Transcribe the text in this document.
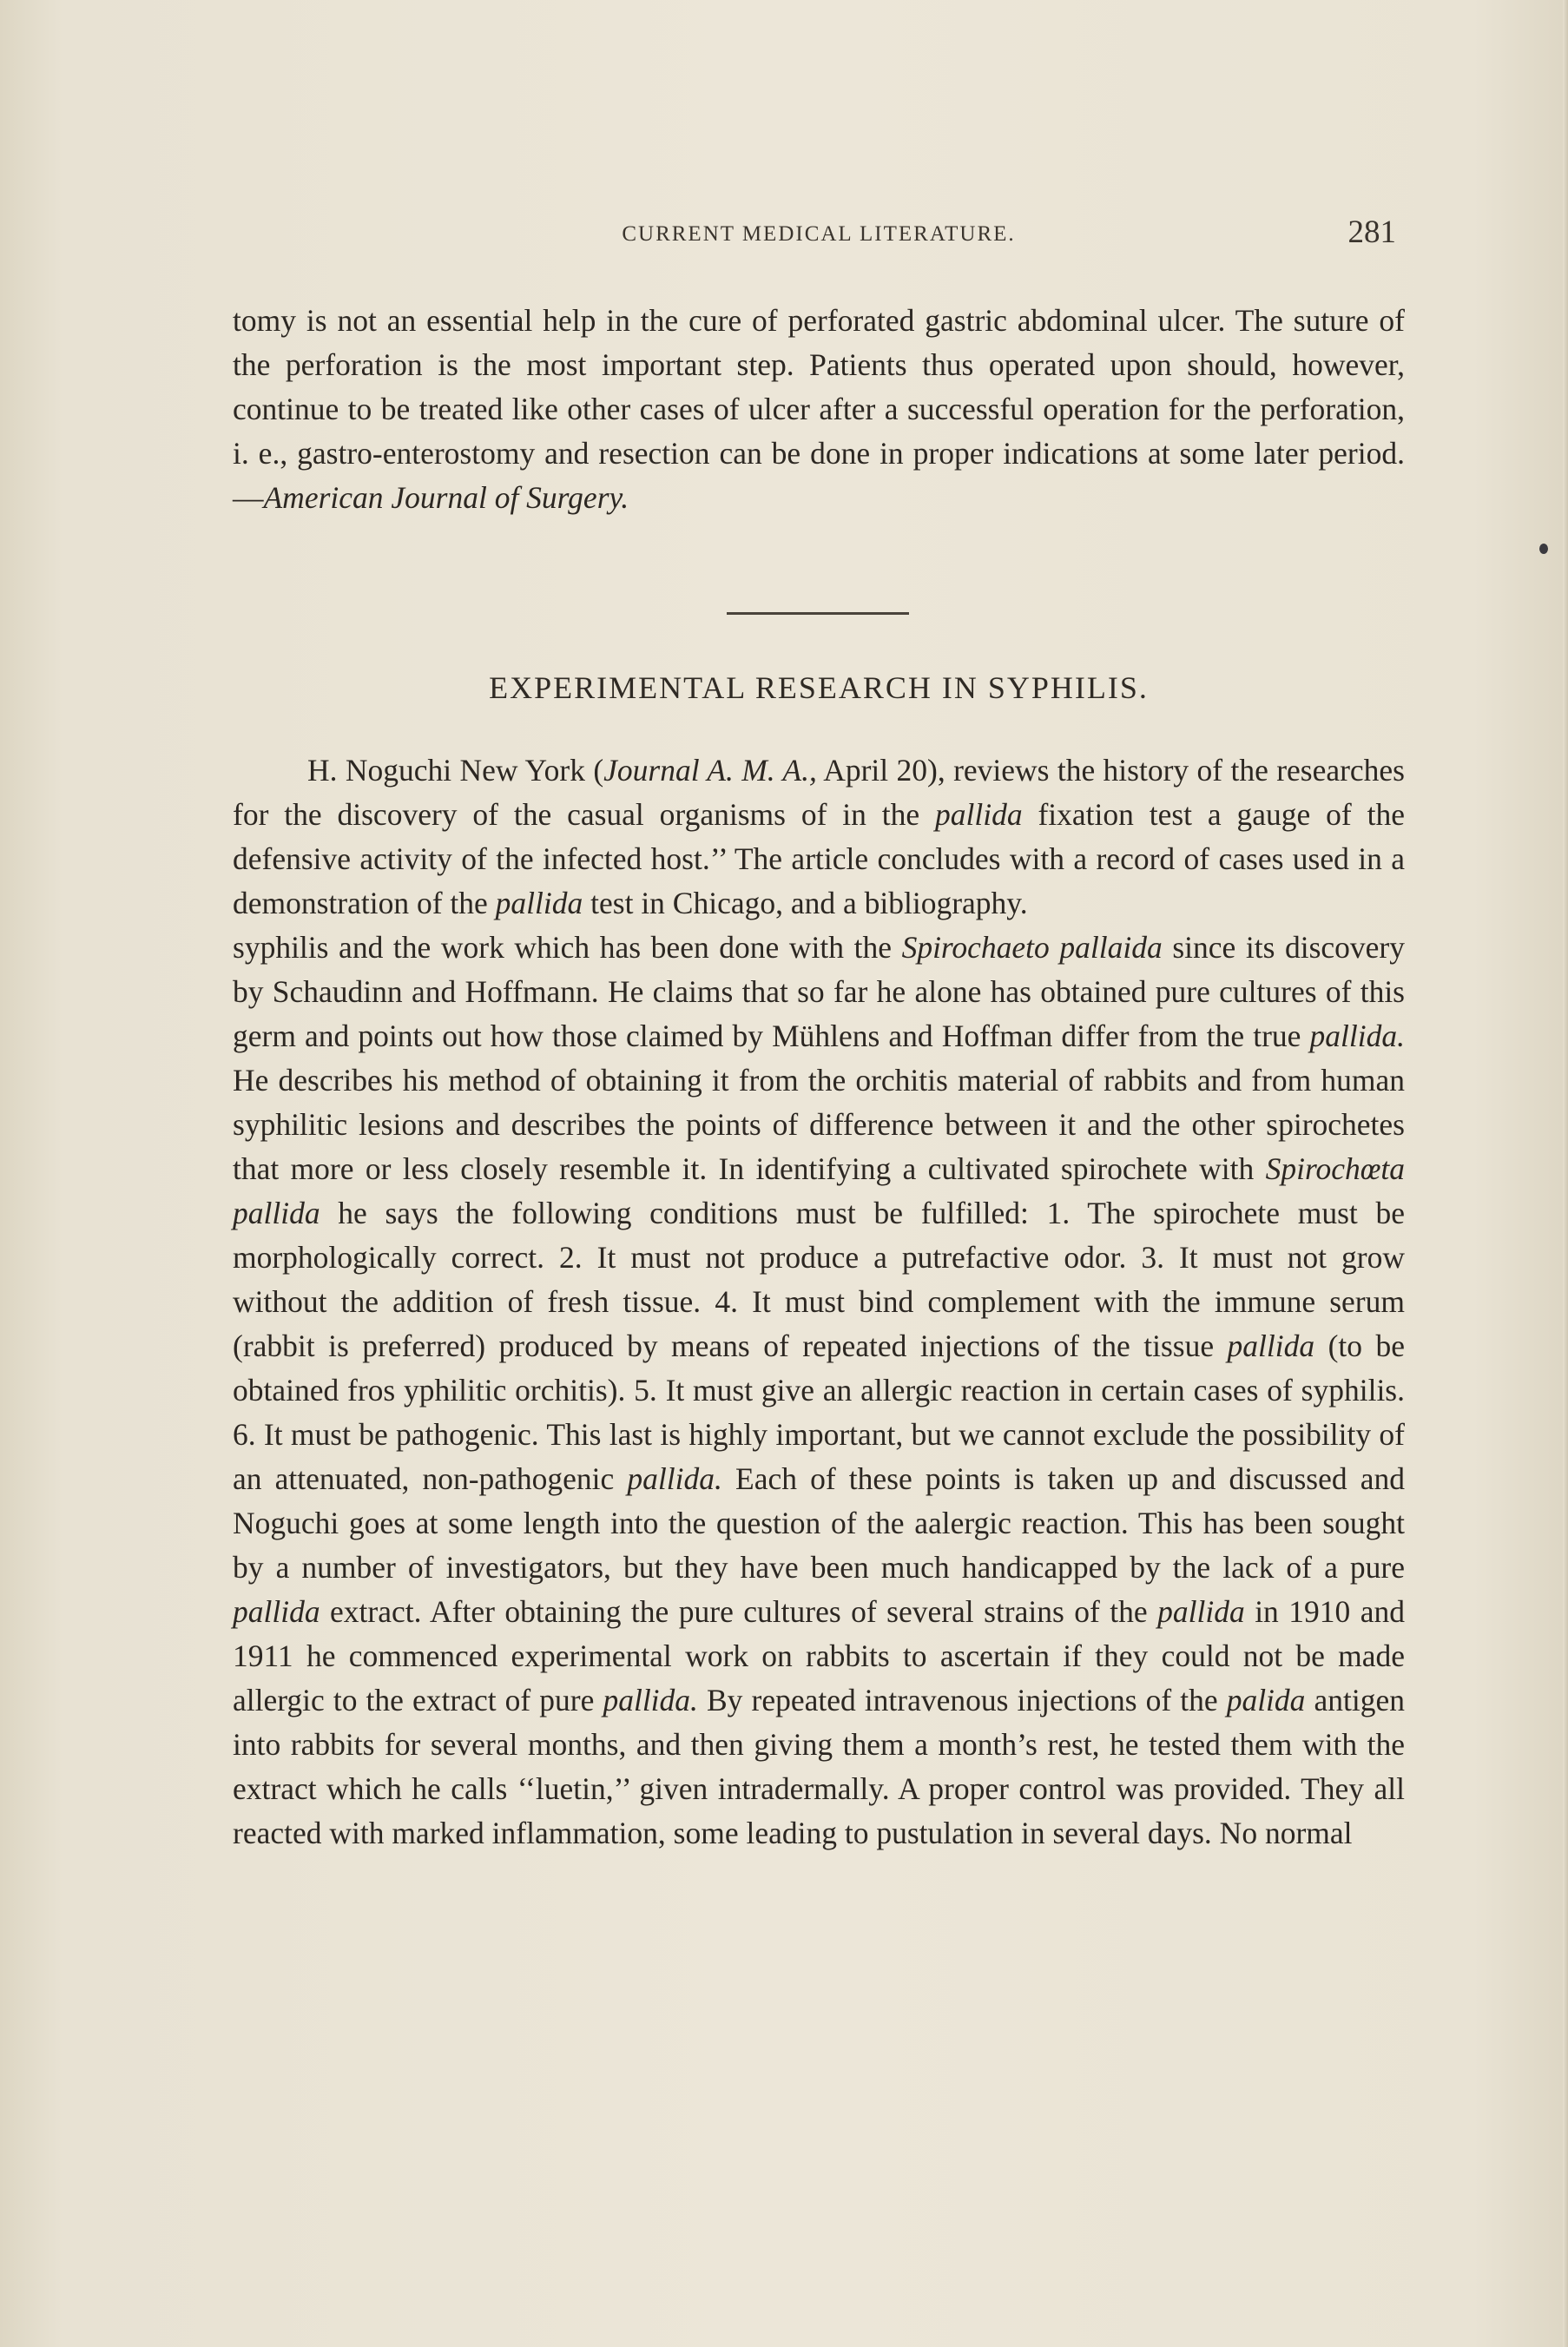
CURRENT MEDICAL LITERATURE.	281

tomy is not an essential help in the cure of perforated gastric abdominal ulcer. The suture of the perforation is the most important step. Patients thus operated upon should, however, continue to be treated like other cases of ulcer after a successful operation for the perforation, i. e., gastro-enterostomy and resection can be done in proper indications at some later period.—American Journal of Surgery.

EXPERIMENTAL RESEARCH IN SYPHILIS.

H. Noguchi New York (Journal A. M. A., April 20), reviews the history of the researches for the discovery of the casual organisms of in the pallida fixation test a gauge of the defensive activity of the infected host.’’ The article concludes with a record of cases used in a demonstration of the pallida test in Chicago, and a bibliography.

syphilis and the work which has been done with the Spirochaeto pallaida since its discovery by Schaudinn and Hoffmann. He claims that so far he alone has obtained pure cultures of this germ and points out how those claimed by Mühlens and Hoffman differ from the true pallida. He describes his method of obtaining it from the orchitis material of rabbits and from human syphilitic lesions and describes the points of difference between it and the other spirochetes that more or less closely resemble it. In identifying a cultivated spirochete with Spirochœta pallida he says the following conditions must be fulfilled: 1. The spirochete must be morphologically correct. 2. It must not produce a putrefactive odor. 3. It must not grow without the addition of fresh tissue. 4. It must bind complement with the immune serum (rabbit is preferred) produced by means of repeated injections of the tissue pallida (to be obtained fros yphilitic orchitis). 5. It must give an allergic reaction in certain cases of syphilis. 6. It must be pathogenic. This last is highly important, but we cannot exclude the possibility of an attenuated, non-pathogenic pallida. Each of these points is taken up and discussed and Noguchi goes at some length into the question of the aalergic reaction. This has been sought by a number of investigators, but they have been much handicapped by the lack of a pure pallida extract. After obtaining the pure cultures of several strains of the pallida in 1910 and 1911 he commenced experimental work on rabbits to ascertain if they could not be made allergic to the extract of pure pallida. By repeated intravenous injections of the palida antigen into rabbits for several months, and then giving them a month’s rest, he tested them with the extract which he calls ‘‘luetin,’’ given intradermally. A proper control was provided. They all reacted with marked inflammation, some leading to pustulation in several days. No normal
